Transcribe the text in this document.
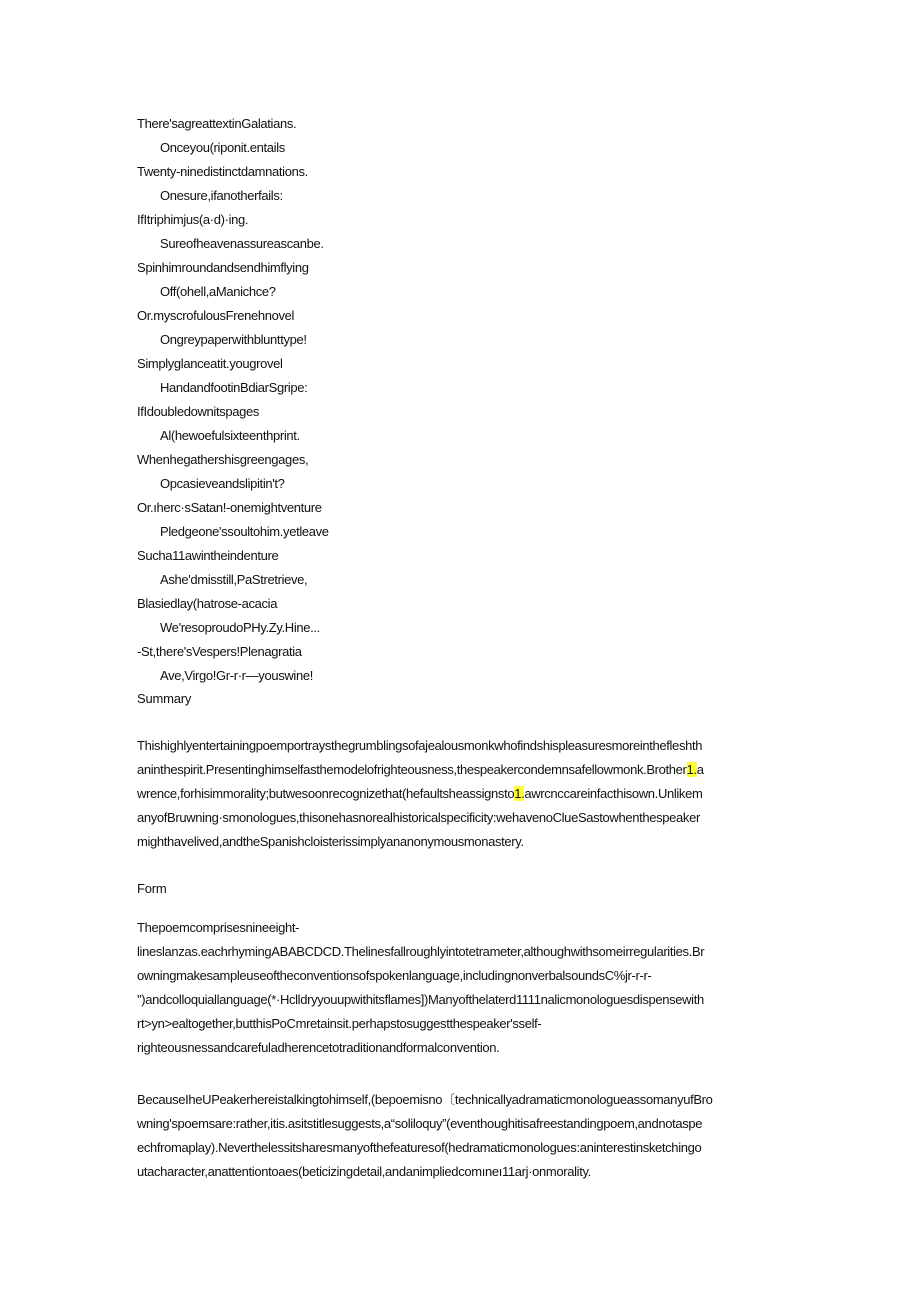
There'sagreattextinGalatians.
Onceyou(riponit.entails
Twenty-ninedistinctdamnations.
Onesure,ifanotherfails:
IfItriphimjus(a·d)·ing.
Sureofheavenassureascanbe.
Spinhimroundandsendhimflying
Off(ohell,aManichce?
Or.myscrofulousFrenehnovel
Ongreypaperwithblunttype!
Simplyglanceatit.yougrovel
HandandfootinBdiarSgripe:
IfIdoubledownitspages
Al(hewoefulsixteenthprint.
Whenhegathershisgreengages,
Opcasieveandslipitin't?
Or.ıherc·sSatan!-onemightventure
Pledgeone'ssoultohim.yetleave
Sucha11awintheindenture
Ashe'dmisstill,PaStretrieve,
Blasiedlay(hatrose-acacia
We'resoproudoPHy.Zy.Hine...
-St,there'sVespers!Plenagratia
Ave,Virgo!Gr-r·r—youswine!
Summary
Thishighlyentertainingpoemportraysthegrumblingsofajealousmonkwhofindshispleasuresmoreinthefleshth
aninthespirit.Presentinghimselfasthemodelofrighteousness,thespeakercondemnsafellowmonk.Brother1.a
wrence,forhisimmorality;butwesoonrecognizethat(hefaultsheassignsto1.awrcnccareinfacthisown.Unlikem
anyofBruwning·smonologues,thisonehasnorealhistoricalspecificity:wehavenoClueSastowhenthespeaker
mighthavelived,andtheSpanishcloisterissimplyananonymousmonastery.
Form
Thepoemcomprisesnineeight-
lineslanzas.eachrhymingABABCDCD.Thelinesfallroughlyintotetrameter,althoughwithsomeirregularities.Br
owningmakesampleuseoftheconventionsofspokenlanguage,includingnonverbalsoundsC%jr-r-r-
'')andcolloquiallanguage(*·Hclldryyouupwithitsflames])Manyofthelaterd1111nalicmonologuesdispensewith
rt>yn>ealtogether,butthisPoCmretainsit.perhapstosuggestthespeaker'sself-
righteousnessandcarefuladherencetotraditionandformalconvention.
BecauseIheUPeakerhereistalkingtohimself,(bepoemisno〔technicallyadramaticmonologueassomanyufBro
wning'spoemsare:rather,itis.asitstitlesuggests,a“soliloquy”(eventhoughitisafreestandingpoem,andnotaspe
echfromaplay).Neverthelessitsharesmanyofthefeaturesof(hedramaticmonologues:aninterestinsketchingo
utacharacter,anattentiontoaes(beticizingdetail,andanimpliedcomıneı11arj·onmorality.
